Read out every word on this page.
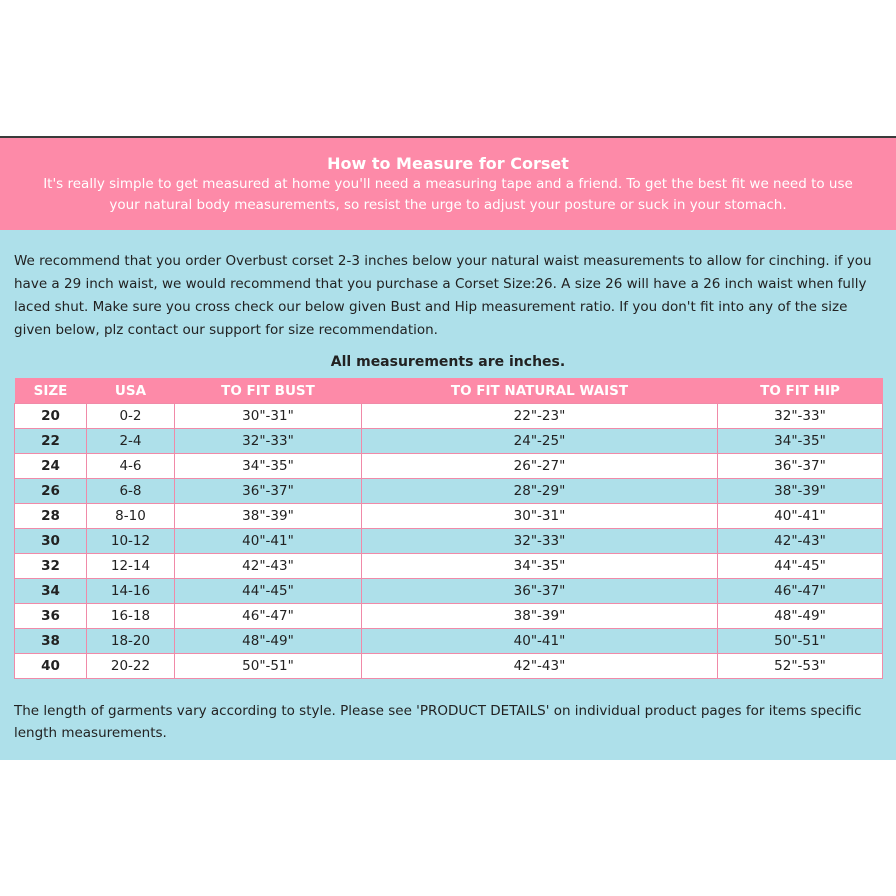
How to Measure for Corset
It's really simple to get measured at home you'll need a measuring tape and a friend. To get the best fit we need to use your natural body measurements, so resist the urge to adjust your posture or suck in your stomach.
We recommend that you order Overbust corset 2-3 inches below your natural waist measurements to allow for cinching. if you have a 29 inch waist, we would recommend that you purchase a Corset Size:26. A size 26 will have a 26 inch waist when fully laced shut. Make sure you cross check our below given Bust and Hip measurement ratio. If you don't fit into any of the size given below, plz contact our support for size recommendation.
All measurements are inches.
SIZE	USA	TO FIT BUST	TO FIT NATURAL WAIST	TO FIT HIP
20	0-2	30"-31"	22"-23"	32"-33"
22	2-4	32"-33"	24"-25"	34"-35"
24	4-6	34"-35"	26"-27"	36"-37"
26	6-8	36"-37"	28"-29"	38"-39"
28	8-10	38"-39"	30"-31"	40"-41"
30	10-12	40"-41"	32"-33"	42"-43"
32	12-14	42"-43"	34"-35"	44"-45"
34	14-16	44"-45"	36"-37"	46"-47"
36	16-18	46"-47"	38"-39"	48"-49"
38	18-20	48"-49"	40"-41"	50"-51"
40	20-22	50"-51"	42"-43"	52"-53"
The length of garments vary according to style. Please see 'PRODUCT DETAILS' on individual product pages for items specific length measurements.
